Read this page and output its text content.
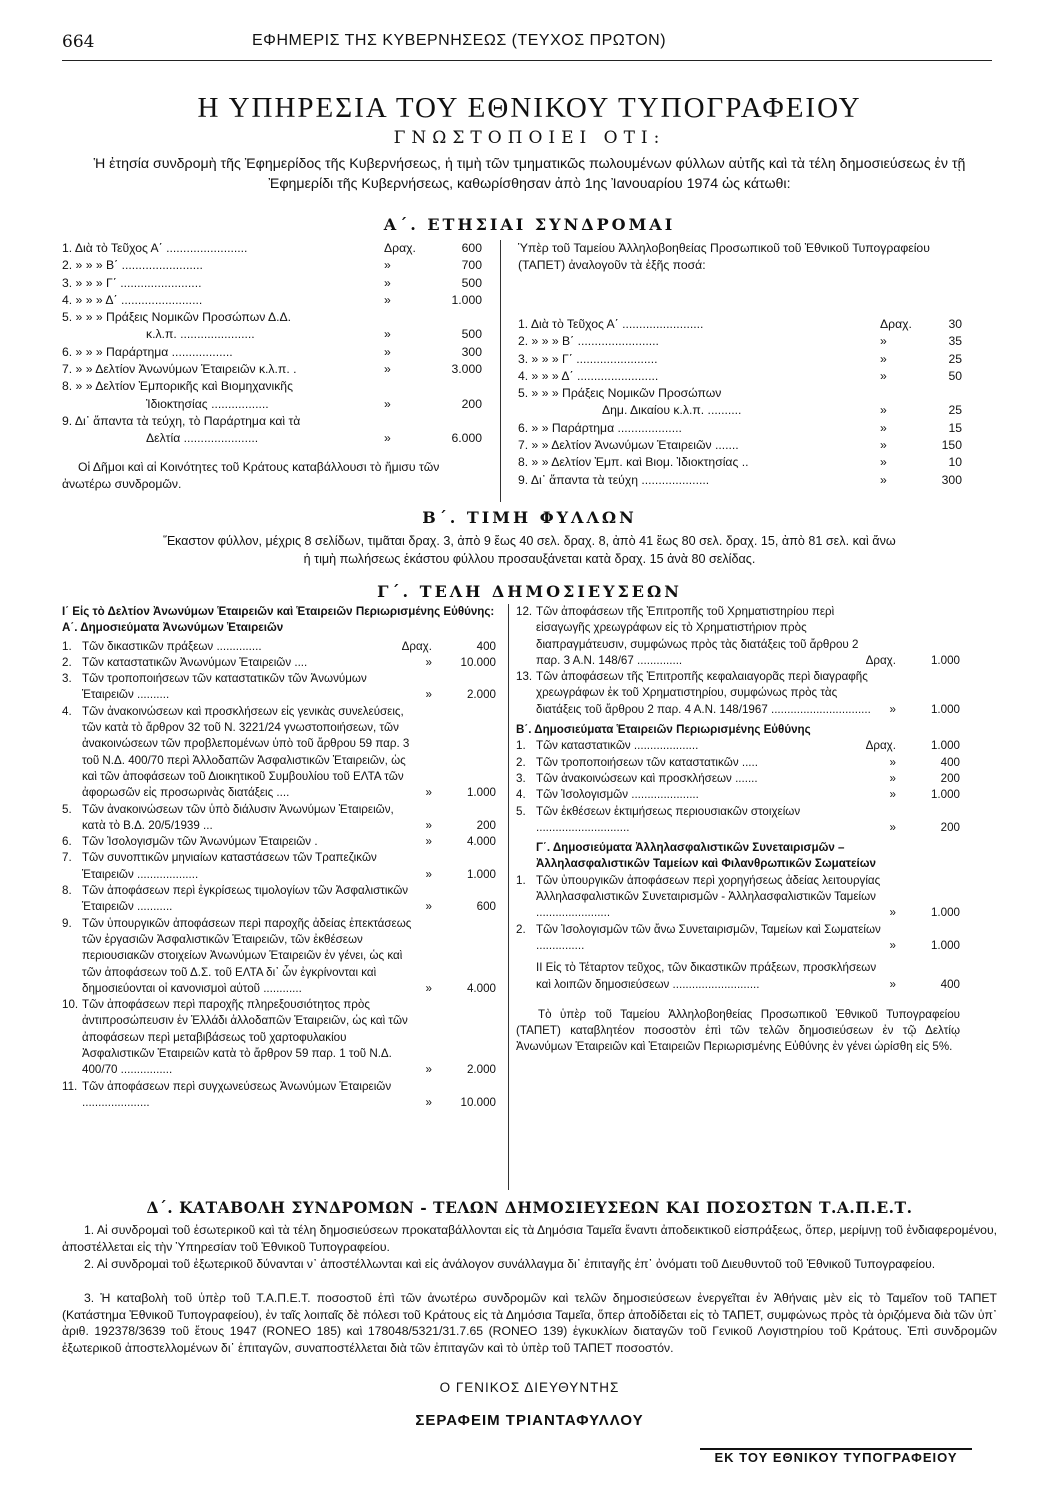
664	ΕΦΗΜΕΡΙΣ ΤΗΣ ΚΥΒΕΡΝΗΣΕΩΣ (ΤΕΥΧΟΣ ΠΡΩΤΟΝ)
Η ΥΠΗΡΕΣΙΑ ΤΟΥ ΕΘΝΙΚΟΥ ΤΥΠΟΓΡΑΦΕΙΟΥ
ΓΝΩΣΤΟΠΟΙΕΙ ΟΤΙ:
Ἡ ἐτησία συνδρομὴ τῆς Ἐφημερίδος τῆς Κυβερνήσεως, ἡ τιμὴ τῶν τμηματικῶς πωλουμένων φύλλων αὐτῆς καὶ τὰ τέλη δημοσιεύσεως ἐν τῇ Ἐφημερίδι τῆς Κυβερνήσεως, καθωρίσθησαν ἀπὸ 1ης Ἰανουαρίου 1974 ὡς κάτωθι:
Α΄. ΕΤΗΣΙΑΙ ΣΥΝΔΡΟΜΑΙ
1. Διὰ τὸ Τεῦχος Α΄ ........................	Δραχ.	600
2. » » » Β΄ ........................	»	700
3. » » » Γ΄ ........................	»	500
4. » » » Δ΄ ........................	»	1.000
5. » » » Πράξεις Νομικῶν Προσώπων Δ.Δ.
κ.λ.π. ......................	»	500
6. » » » Παράρτημα ..................	»	300
7. » » Δελτίον Ἀνωνύμων Ἑταιρειῶν κ.λ.π. .	»	3.000
8. » » Δελτίον Ἐμπορικῆς καὶ Βιομηχανικῆς
Ἰδιοκτησίας .................	»	200
9. Δι᾿ ἅπαντα τὰ τεύχη, τὸ Παράρτημα καὶ τὰ
Δελτία ......................	»	6.000
Οἱ Δῆμοι καὶ αἱ Κοινότητες τοῦ Κράτους καταβάλλουσι τὸ ἥμισυ τῶν ἀνωτέρω συνδρομῶν.
Ὑπὲρ τοῦ Ταμείου Ἀλληλοβοηθείας Προσωπικοῦ τοῦ Ἐθνικοῦ Τυπογραφείου (ΤΑΠΕΤ) ἀναλογοῦν τὰ ἑξῆς ποσά:
1. Διὰ τὸ Τεῦχος Α΄ ........................	Δραχ.	30
2. » » » Β΄ ........................	»	35
3. » » » Γ΄ ........................	»	25
4. » » » Δ΄ ........................	»	50
5. » » » Πράξεις Νομικῶν Προσώπων
Δημ. Δικαίου κ.λ.π. ..........	»	25
6. » » Παράρτημα ...................	»	15
7. » » Δελτίον Ἀνωνύμων Ἑταιρειῶν .......	»	150
8. » » Δελτίον Ἐμπ. καὶ Βιομ. Ἰδιοκτησίας ..	»	10
9. Δι᾿ ἅπαντα τὰ τεύχη ....................	»	300
Β΄. ΤΙΜΗ ΦΥΛΛΩΝ
Ἕκαστον φύλλον, μέχρις 8 σελίδων, τιμᾶται δραχ. 3, ἀπὸ 9 ἕως 40 σελ. δραχ. 8, ἀπὸ 41 ἕως 80 σελ. δραχ. 15, ἀπὸ 81 σελ. καὶ ἄνω
ἡ τιμὴ πωλήσεως ἑκάστου φύλλου προσαυξάνεται κατὰ δραχ. 15 ἀνὰ 80 σελίδας.
Γ΄. ΤΕΛΗ ΔΗΜΟΣΙΕΥΣΕΩΝ
Ι΄ Εἰς τὸ Δελτίον Ἀνωνύμων Ἑταιρειῶν καὶ Ἑταιρειῶν Περιωρισμένης Εὐθύνης:
Α΄. Δημοσιεύματα Ἀνωνύμων Ἑταιρειῶν
1. Τῶν δικαστικῶν πράξεων ..............	Δραχ.	400
2. Τῶν καταστατικῶν Ἀνωνύμων Ἑταιρειῶν ....	»	10.000
3. Τῶν τροποποιήσεων τῶν καταστατικῶν τῶν Ἀνωνύμων Ἑταιρειῶν ..........	»	2.000
4. Τῶν ἀνακοινώσεων καὶ προσκλήσεων εἰς γενικὰς συνελεύσεις, τῶν κατὰ τὸ ἄρθρον 32 τοῦ Ν. 3221/24 γνωστοποιήσεων, τῶν ἀνακοινώσεων τῶν προβλεπομένων ὑπὸ τοῦ ἄρθρου 59 παρ. 3 τοῦ Ν.Δ. 400/70 περὶ Ἀλλοδαπῶν Ἀσφαλιστικῶν Ἑταιρειῶν, ὡς καὶ τῶν ἀποφάσεων τοῦ Διοικητικοῦ Συμβουλίου τοῦ ΕΛΤΑ τῶν ἀφορωσῶν εἰς προσωρινὰς διατάξεις ....	»	1.000
5. Τῶν ἀνακοινώσεων τῶν ὑπὸ διάλυσιν Ἀνωνύμων Ἑταιρειῶν, κατὰ τὸ Β.Δ. 20/5/1939 ...	»	200
6. Τῶν Ἰσολογισμῶν τῶν Ἀνωνύμων Ἑταιρειῶν .	»	4.000
7. Τῶν συνοπτικῶν μηνιαίων καταστάσεων τῶν Τραπεζικῶν Ἑταιρειῶν ...................	»	1.000
8. Τῶν ἀποφάσεων περὶ ἐγκρίσεως τιμολογίων τῶν Ἀσφαλιστικῶν Ἑταιρειῶν ...........	»	600
9. Τῶν ὑπουργικῶν ἀποφάσεων περὶ παροχῆς ἀδείας ἐπεκτάσεως τῶν ἐργασιῶν Ἀσφαλιστικῶν Ἑταιρειῶν, τῶν ἐκθέσεων περιουσιακῶν στοιχείων Ἀνωνύμων Ἑταιρειῶν ἐν γένει, ὡς καὶ τῶν ἀποφάσεων τοῦ Δ.Σ. τοῦ ΕΛΤΑ δι᾿ ὧν ἐγκρίνονται καὶ δημοσιεύονται οἱ κανονισμοὶ αὐτοῦ ............	»	4.000
10. Τῶν ἀποφάσεων περὶ παροχῆς πληρεξουσιότητος πρὸς ἀντιπροσώπευσιν ἐν Ἑλλάδι ἀλλοδαπῶν Ἑταιρειῶν, ὡς καὶ τῶν ἀποφάσεων περὶ μεταβιβάσεως τοῦ χαρτοφυλακίου Ἀσφαλιστικῶν Ἑταιρειῶν κατὰ τὸ ἄρθρον 59 παρ. 1 τοῦ Ν.Δ. 400/70 ................	»	2.000
11. Τῶν ἀποφάσεων περὶ συγχωνεύσεως Ἀνωνύμων Ἑταιρειῶν .....................	»	10.000
12. Τῶν ἀποφάσεων τῆς Ἐπιτροπῆς τοῦ Χρηματιστηρίου περὶ εἰσαγωγῆς χρεωγράφων εἰς τὸ Χρηματιστήριον πρὸς διαπραγμάτευσιν, συμφώνως πρὸς τὰς διατάξεις τοῦ ἄρθρου 2 παρ. 3 Α.Ν. 148/67 ..............	Δραχ.	1.000
13. Τῶν ἀποφάσεων τῆς Ἐπιτροπῆς κεφαλαιαγορᾶς περὶ διαγραφῆς χρεωγράφων ἐκ τοῦ Χρηματιστηρίου, συμφώνως πρὸς τὰς διατάξεις τοῦ ἄρθρου 2 παρ. 4 Α.Ν. 148/1967 ...............................	»	1.000
Β΄. Δημοσιεύματα Ἑταιρειῶν Περιωρισμένης Εὐθύνης
1. Τῶν καταστατικῶν ....................	Δραχ.	1.000
2. Τῶν τροποποιήσεων τῶν καταστατικῶν .....	»	400
3. Τῶν ἀνακοινώσεων καὶ προσκλήσεων .......	»	200
4. Τῶν Ἰσολογισμῶν .....................	»	1.000
5. Τῶν ἐκθέσεων ἐκτιμήσεως περιουσιακῶν στοιχείων .............................	»	200
Γ΄. Δημοσιεύματα Ἀλληλασφαλιστικῶν Συνεταιρισμῶν – Ἀλληλασφαλιστικῶν Ταμείων καὶ Φιλανθρωπικῶν Σωματείων
1. Τῶν ὑπουργικῶν ἀποφάσεων περὶ χορηγήσεως ἀδείας λειτουργίας Ἀλληλασφαλιστικῶν Συνεταιρισμῶν - Ἀλληλασφαλιστικῶν Ταμείων .......................	»	1.000
2. Τῶν Ἰσολογισμῶν τῶν ἄνω Συνεταιρισμῶν, Ταμείων καὶ Σωματείων ...............	»	1.000
ΙΙ Εἰς τὸ Τέταρτον τεῦχος, τῶν δικαστικῶν πράξεων, προσκλήσεων καὶ λοιπῶν δημοσιεύσεων ...........................	»	400
Τὸ ὑπὲρ τοῦ Ταμείου Ἀλληλοβοηθείας Προσωπικοῦ Ἐθνικοῦ Τυπογραφείου (ΤΑΠΕΤ) καταβλητέον ποσοστὸν ἐπὶ τῶν τελῶν δημοσιεύσεων ἐν τῷ Δελτίῳ Ἀνωνύμων Ἑταιρειῶν καὶ Ἑταιρειῶν Περιωρισμένης Εὐθύνης ἐν γένει ὡρίσθη εἰς 5%.
Δ΄. ΚΑΤΑΒΟΛΗ ΣΥΝΔΡΟΜΩΝ - ΤΕΛΩΝ ΔΗΜΟΣΙΕΥΣΕΩΝ ΚΑΙ ΠΟΣΟΣΤΩΝ Τ.Α.Π.Ε.Τ.
1. Αἱ συνδρομαὶ τοῦ ἐσωτερικοῦ καὶ τὰ τέλη δημοσιεύσεων προκαταβάλλονται εἰς τὰ Δημόσια Ταμεῖα ἔναντι ἀποδεικτικοῦ εἰσπράξεως, ὅπερ, μερίμνῃ τοῦ ἐνδιαφερομένου, ἀποστέλλεται εἰς τὴν Ὑπηρεσίαν τοῦ Ἐθνικοῦ Τυπογραφείου.
2. Αἱ συνδρομαὶ τοῦ ἐξωτερικοῦ δύνανται ν᾿ ἀποστέλλωνται καὶ εἰς ἀνάλογον συνάλλαγμα δι᾿ ἐπιταγῆς ἐπ᾿ ὀνόματι τοῦ Διευθυντοῦ τοῦ Ἐθνικοῦ Τυπογραφείου.
3. Ἡ καταβολὴ τοῦ ὑπὲρ τοῦ Τ.Α.Π.Ε.Τ. ποσοστοῦ ἐπὶ τῶν ἀνωτέρω συνδρομῶν καὶ τελῶν δημοσιεύσεων ἐνεργεῖται ἐν Ἀθήναις μὲν εἰς τὸ Ταμεῖον τοῦ ΤΑΠΕΤ (Κατάστημα Ἐθνικοῦ Τυπογραφείου), ἐν ταῖς λοιπαῖς δὲ πόλεσι τοῦ Κράτους εἰς τὰ Δημόσια Ταμεῖα, ὅπερ ἀποδίδεται εἰς τὸ ΤΑΠΕΤ, συμφώνως πρὸς τὰ ὁριζόμενα διὰ τῶν ὑπ᾿ ἀριθ. 192378/3639 τοῦ ἔτους 1947 (RONEO 185) καὶ 178048/5321/31.7.65 (RONEO 139) ἐγκυκλίων διαταγῶν τοῦ Γενικοῦ Λογιστηρίου τοῦ Κράτους. Ἐπὶ συνδρομῶν ἐξωτερικοῦ ἀποστελλομένων δι᾿ ἐπιταγῶν, συναποστέλλεται διὰ τῶν ἐπιταγῶν καὶ τὸ ὑπὲρ τοῦ ΤΑΠΕΤ ποσοστόν.
Ο ΓΕΝΙΚΟΣ ΔΙΕΥΘΥΝΤΗΣ
ΣΕΡΑΦΕΙΜ ΤΡΙΑΝΤΑΦΥΛΛΟΥ
ΕΚ ΤΟΥ ΕΘΝΙΚΟΥ ΤΥΠΟΓΡΑΦΕΙΟΥ
